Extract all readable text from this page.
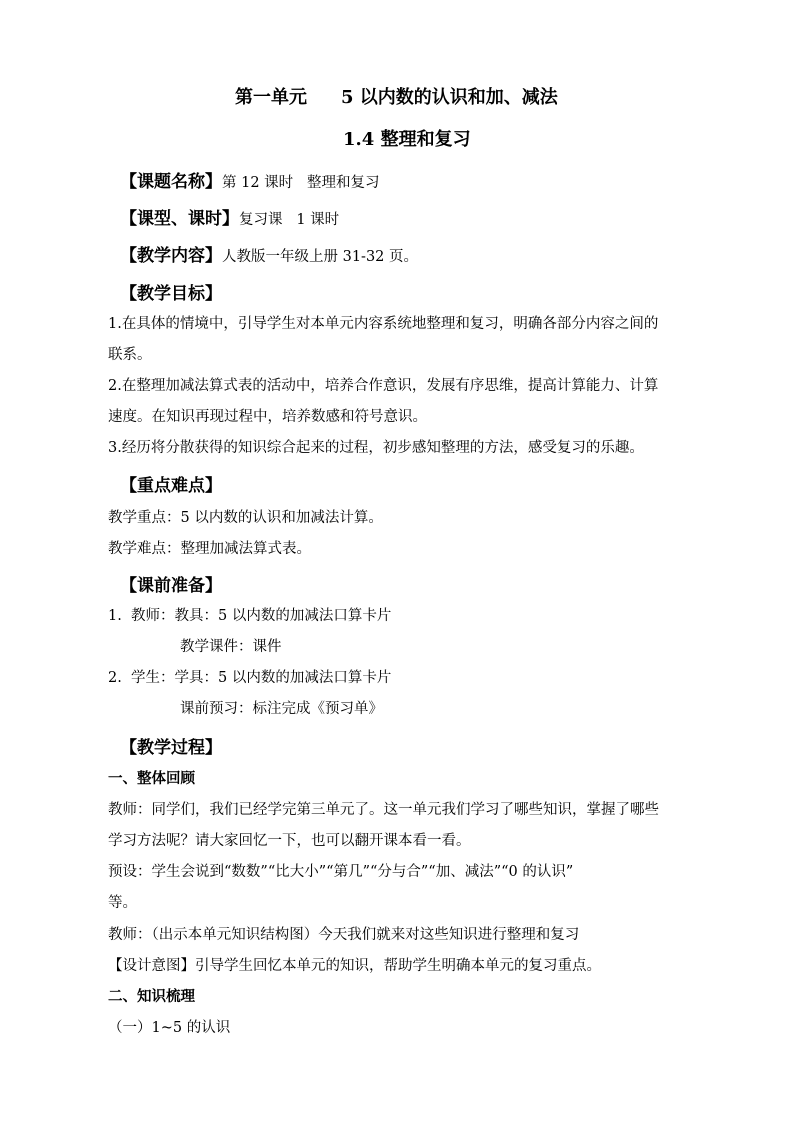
第一单元 5 以内数的认识和加、减法
1.4 整理和复习
【课题名称】第 12 课时   整理和复习
【课型、课时】复习课   1 课时
【教学内容】人教版一年级上册 31-32 页。
【教学目标】
1.在具体的情境中，引导学生对本单元内容系统地整理和复习，明确各部分内容之间的
联系。
2.在整理加减法算式表的活动中，培养合作意识，发展有序思维，提高计算能力、计算
速度。在知识再现过程中，培养数感和符号意识。
3.经历将分散获得的知识综合起来的过程，初步感知整理的方法，感受复习的乐趣。
【重点难点】
教学重点：5 以内数的认识和加减法计算。
教学难点：整理加减法算式表。
【课前准备】
1.  教师：教具：5 以内数的加减法口算卡片
教学课件：课件
2.  学生：学具：5 以内数的加减法口算卡片
课前预习：标注完成《预习单》
【教学过程】
一、整体回顾
教师：同学们，我们已经学完第三单元了。这一单元我们学习了哪些知识，掌握了哪些
学习方法呢？请大家回忆一下，也可以翻开课本看一看。
预设：学生会说到“数数”“比大小”“第几”“分与合”“加、减法”“0 的认识”
等。
教师：（出示本单元知识结构图）今天我们就来对这些知识进行整理和复习
【设计意图】引导学生回忆本单元的知识，帮助学生明确本单元的复习重点。
二、知识梳理
（一）1~5 的认识
